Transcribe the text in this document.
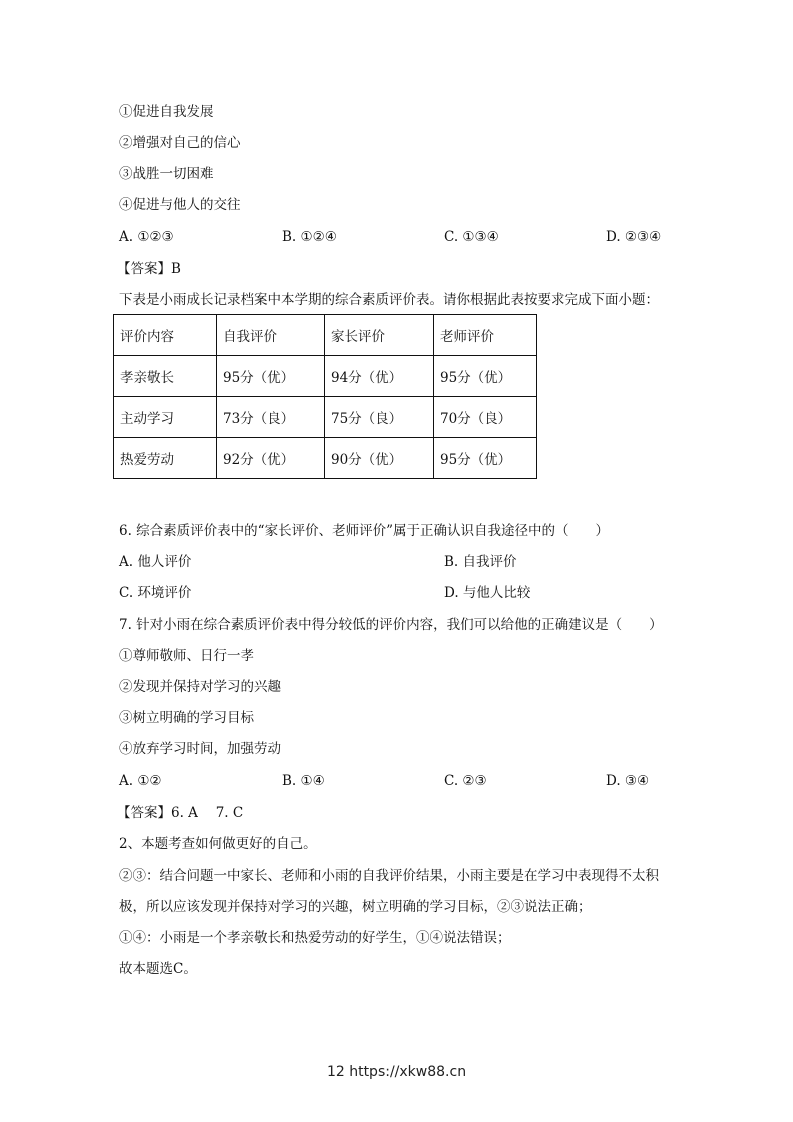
①促进自我发展
②增强对自己的信心
③战胜一切困难
④促进与他人的交往
A. ①②③	B. ①②④	C. ①③④	D. ②③④
【答案】B
下表是小雨成长记录档案中本学期的综合素质评价表。请你根据此表按要求完成下面小题：
评价内容	自我评价	家长评价	老师评价
孝亲敬长	95分（优）	94分（优）	95分（优）
主动学习	73分（良）	75分（良）	70分（良）
热爱劳动	92分（优）	90分（优）	95分（优）
6. 综合素质评价表中的“家长评价、老师评价”属于正确认识自我途径中的（　　）
A. 他人评价	B. 自我评价
C. 环境评价	D. 与他人比较
7. 针对小雨在综合素质评价表中得分较低的评价内容，我们可以给他的正确建议是（　　）
①尊师敬师、日行一孝
②发现并保持对学习的兴趣
③树立明确的学习目标
④放弃学习时间，加强劳动
A. ①②	B. ①④	C. ②③	D. ③④
【答案】6. A　 7. C
2、本题考查如何做更好的自己。
②③：结合问题一中家长、老师和小雨的自我评价结果，小雨主要是在学习中表现得不太积
极，所以应该发现并保持对学习的兴趣，树立明确的学习目标，②③说法正确；
①④：小雨是一个孝亲敬长和热爱劳动的好学生，①④说法错误；
故本题选C。
12 https://xkw88.cn
